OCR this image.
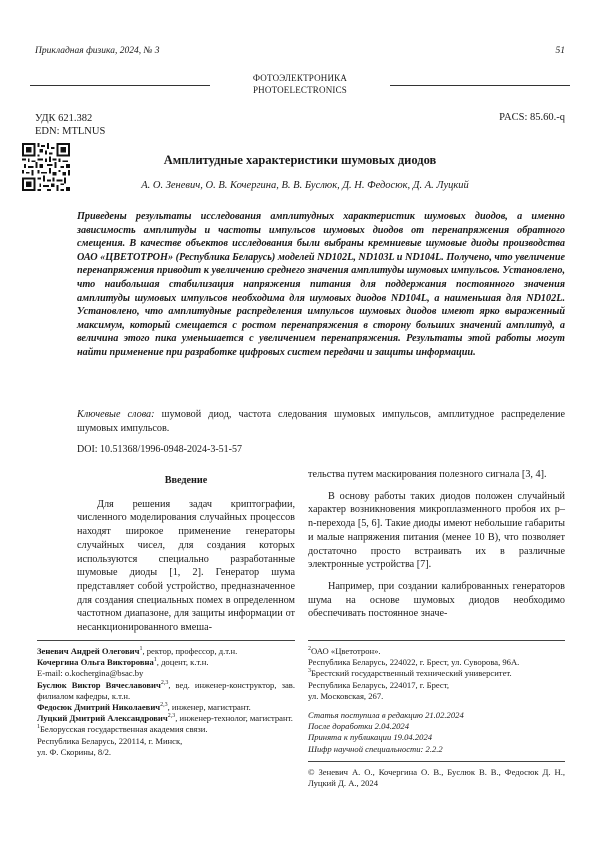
Прикладная физика, 2024, № 3	51
ФОТОЭЛЕКТРОНИКА
PHOTOELECTRONICS
УДК 621.382
EDN: MTLNUS
PACS: 85.60.-q
Амплитудные характеристики шумовых диодов
А. О. Зеневич, О. В. Кочергина, В. В. Буслюк, Д. Н. Федосюк, Д. А. Луцкий
Приведены результаты исследования амплитудных характеристик шумовых диодов, а именно зависимость амплитуды и частоты импульсов шумовых диодов от перенапряжения обратного смещения. В качестве объектов исследования были выбраны кремниевые шумовые диоды производства ОАО «ЦВЕТОТРОН» (Республика Беларусь) моделей ND102L, ND103L и ND104L. Получено, что увеличение перенапряжения приводит к увеличению среднего значения амплитуды шумовых импульсов. Установлено, что наибольшая стабилизация напряжения питания для поддержания постоянного значения амплитуды шумовых импульсов необходима для шумовых диодов ND104L, а наименьшая для ND102L. Установлено, что амплитудные распределения импульсов шумовых диодов имеют ярко выраженный максимум, который смещается с ростом перенапряжения в сторону больших значений амплитуд, а величина этого пика уменьшается с увеличением перенапряжения. Результаты этой работы могут найти применение при разработке цифровых систем передачи и защиты информации.
Ключевые слова: шумовой диод, частота следования шумовых импульсов, амплитудное распределение шумовых импульсов.
DOI: 10.51368/1996-0948-2024-3-51-57
Введение

Для решения задач криптографии, численного моделирования случайных процессов находят широкое применение генераторы случайных чисел, для создания которых используются специально разработанные шумовые диоды [1, 2]. Генератор шума представляет собой устройство, предназначенное для создания специальных помех в определенном частотном диапазоне, для защиты информации от несанкционированного вмеша-

тельства путем маскирования полезного сигнала [3, 4].

В основу работы таких диодов положен случайный характер возникновения микроплазменного пробоя их p–n-перехода [5, 6]. Такие диоды имеют небольшие габариты и малые напряжения питания (менее 10 В), что позволяет достаточно просто встраивать их в различные электронные устройства [7].

Например, при создании калиброванных генераторов шума на основе шумовых диодов необходимо обеспечивать постоянное значе-

Зеневич Андрей Олегович$^1$, ректор, профессор, д.т.н.
Кочергина Ольга Викторовна$^1$, доцент, к.т.н.
E-mail: o.kochergina@bsac.by
Буслюк Виктор Вячеславович$^{2,3}$, вед. инженер-конструктор, зав. филиалом кафедры, к.т.н.
Федосюк Дмитрий Николаевич$^{2,3}$, инженер, магистрант.
Луцкий Дмитрий Александрович$^{2,3}$, инженер-технолог, магистрант.
$^1$Белорусская государственная академия связи.
Республика Беларусь, 220114, г. Минск,
ул. Ф. Скорины, 8/2.
$^2$ОАО «Цветотрон».
Республика Беларусь, 224022, г. Брест, ул. Суворова, 96А.
$^3$Брестский государственный технический университет.
Республика Беларусь, 224017, г. Брест,
ул. Московская, 267.
Статья поступила в редакцию 21.02.2024
После доработки 2.04.2024
Принята к публикации 19.04.2024
Шифр научной специальности: 2.2.2
© Зеневич А. О., Кочергина О. В., Буслюк В. В., Федосюк Д. Н., Луцкий Д. А., 2024
